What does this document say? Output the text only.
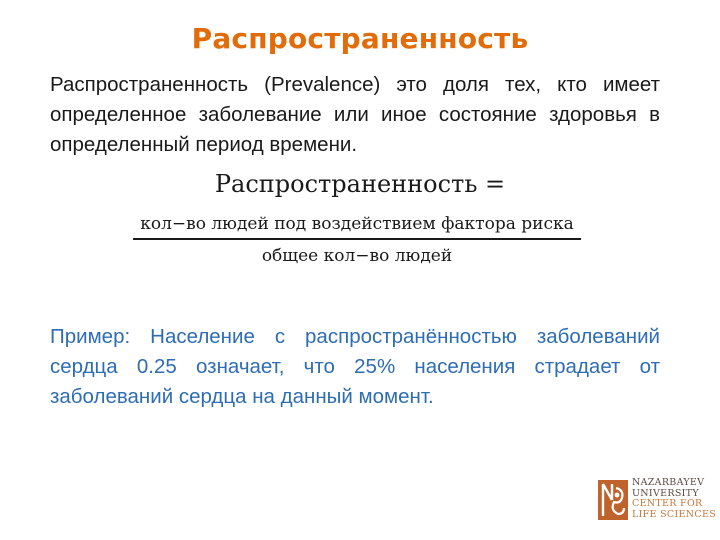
Распространенность
Распространенность (Prevalence) это доля тех, кто имеет определенное заболевание или иное состояние здоровья в определенный период времени.
Распространенность =
кол−во людей под воздействием фактора риска
общее кол−во людей
Пример: Население с распространённостью заболеваний сердца 0.25 означает, что 25% населения страдает от заболеваний сердца на данный момент.
NAZARBAYEV
UNIVERSITY
CENTER FOR
LIFE SCIENCES
